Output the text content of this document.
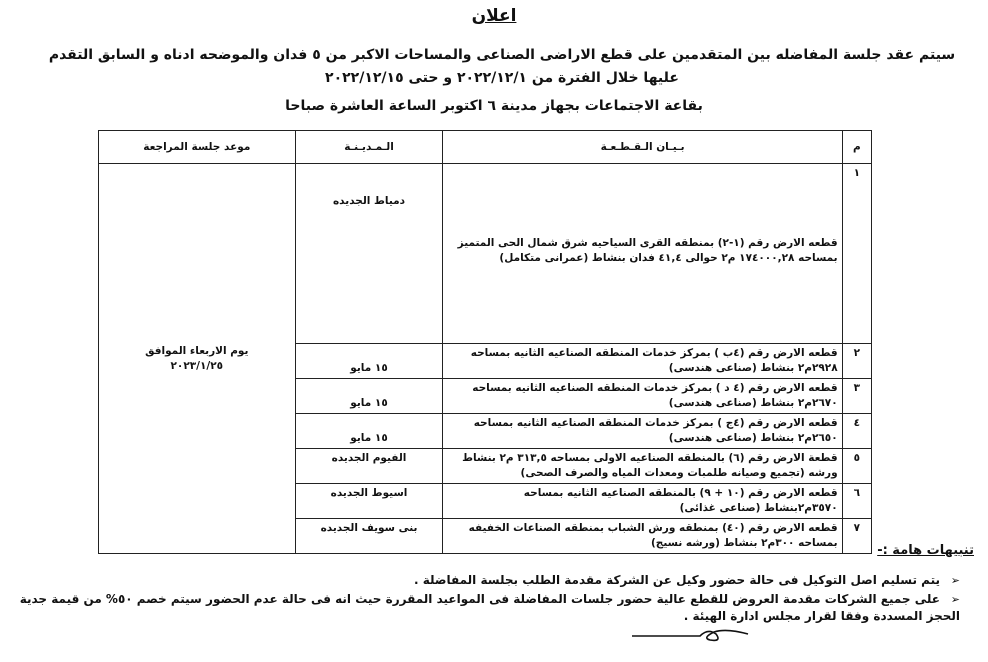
اعلان
سيتم عقد جلسة المفاضله بين المتقدمين على قطع الاراضى الصناعى والمساحات الاكبر من ٥ فدان والموضحه ادناه و السابق التقدم عليها خلال الفترة من ٢٠٢٢/١٢/١ و حتى ٢٠٢٢/١٢/١٥
بقاعة الاجتماعات بجهاز مدينة ٦ اكتوبر الساعة العاشرة صباحا
م	بـيـان الـقـطـعـة	الـمـديـنـة	موعد جلسة المراجعة
١	قطعه الارض رقم (١-٢) بمنطقه القرى السياحيه شرق شمال الحى المتميز بمساحه ١٧٤٠٠٠,٢٨ م٢ حوالى ٤١,٤ فدان بنشاط (عمرانى متكامل)	دمياط الجديده	يوم الاربعاء الموافق ٢٠٢٣/١/٢٥

٢	قطعه الارض رقم (٤ب ) بمركز خدمات المنطقه الصناعيه الثانيه بمساحه ٢٩٢٨م٢ بنشاط (صناعى هندسى)	١٥ مايو	
٣	قطعه الارض رقم (٤ د ) بمركز خدمات المنطقه الصناعيه الثانيه بمساحه ٢٦٧٠م٢ بنشاط (صناعى هندسى)	١٥ مايو	
٤	قطعه الارض رقم (٤ج ) بمركز خدمات المنطقه الصناعيه الثانيه بمساحه ٢٦٥٠م٢ بنشاط (صناعى هندسى)	١٥ مايو	
٥	قطعة الارض رقم (٦) بالمنطقه الصناعيه الاولى بمساحه ٣١٣,٥ م٢ بنشاط ورشه (تجميع وصيانه طلمبات ومعدات المياه والصرف الصحى)	الفيوم الجديده	
٦	قطعه الارض رقم (١٠ + ٩) بالمنطقه الصناعيه الثانيه بمساحه ٣٥٧٠م٢بنشاط (صناعى غذائى)	اسيوط الجديده	
٧	قطعه الارض رقم (٤٠) بمنطقه ورش الشباب بمنطقه الصناعات الخفيفه بمساحه ٣٠٠م٢ بنشاط (ورشه نسيج)	بنى سويف الجديده	
تنبيهات هامة :-
➢يتم تسليم اصل التوكيل فى حالة حضور وكيل عن الشركة مقدمة الطلب بجلسة المفاضلة .
➢على جميع الشركات مقدمة العروض للقطع عالية حضور جلسات المفاضلة فى المواعيد المقررة حيث انه فى حالة عدم الحضور سيتم خصم ٥٠% من قيمة جدية الحجز المسددة وفقا لقرار مجلس ادارة الهيئة .
